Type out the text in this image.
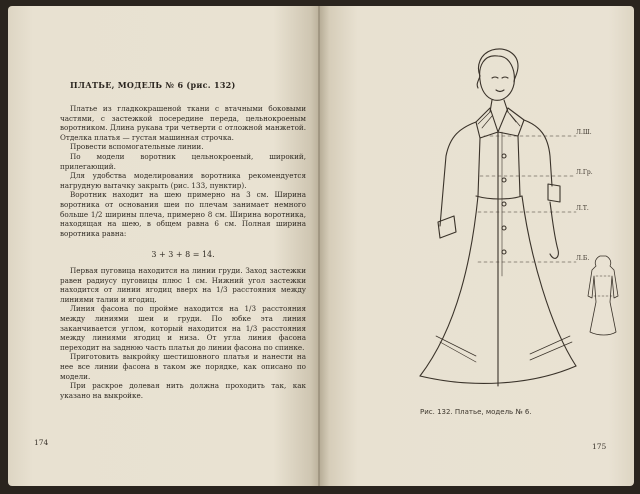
ПЛАТЬЕ, МОДЕЛЬ № 6 (рис. 132)

Платье из гладкокрашеной ткани с втачными боковыми частями, с застежкой посередине переда, цельнокроеным воротником. Длина рукава три четверти с отложной манжетой. Отделка платья — густая машинная строчка.

Провести вспомогательные линии.

По модели воротник цельнокроеный, широкий, прилегающий.

Для удобства моделирования воротника рекомендуется нагрудную вытачку закрыть (рис. 133, пунктир).

Воротник находит на шею примерно на 3 см. Ширина воротника от основания шеи по плечам занимает немного больше 1/2 ширины плеча, примерно 8 см. Ширина воротника, находящая на шею, в общем равна 6 см. Полная ширина воротника равна:

3 + 3 + 8 = 14.

Первая пуговица находится на линии груди. Заход застежки равен радиусу пуговицы плюс 1 см. Нижний угол застежки находится от линии ягодиц вверх на 1/3 расстояния между линиями талии и ягодиц.

Линия фасона по пройме находится на 1/3 расстояния между линиями шеи и груди. По юбке эта линия заканчивается углом, который находится на 1/3 расстояния между линиями ягодиц и низа. От угла линия фасона переходит на заднюю часть платья до линии фасона по спинке.

Приготовить выкройку шестишовного платья и нанести на нее все линии фасона в таком же порядке, как описано по модели.

При раскрое долевая нить должна проходить так, как указано на выкройке.

174
Л.Ш.
Л.Гр.
Л.Т.
Л.Б.
Рис. 132. Платье, модель № 6.
175
